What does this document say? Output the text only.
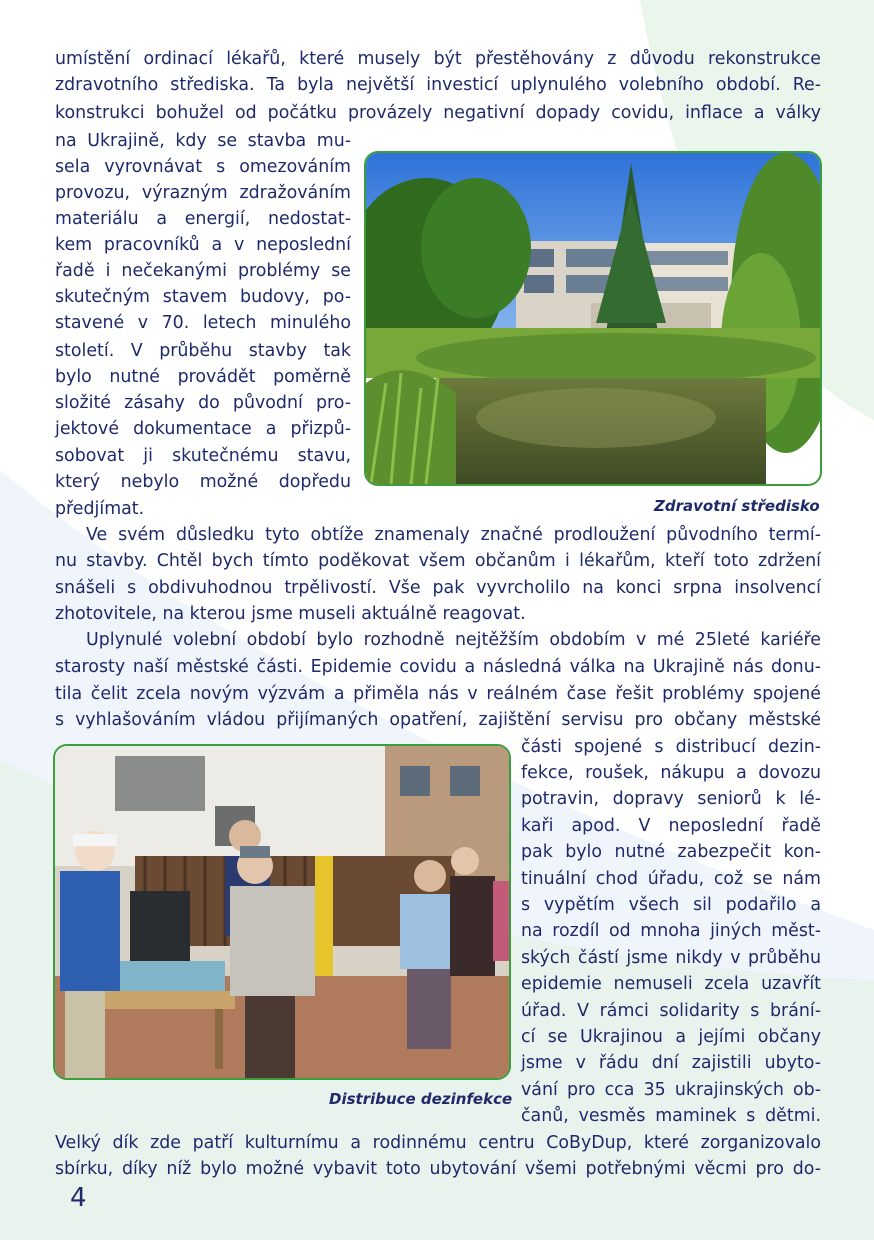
umístění ordinací lékařů, které musely být přestěhovány z důvodu rekonstrukce
zdravotního střediska. Ta byla největší investicí uplynulého volebního období. Re-
konstrukci bohužel od počátku provázely negativní dopady covidu, inflace a války
na Ukrajině, kdy se stavba mu-
sela vyrovnávat s omezováním
provozu, výrazným zdražováním
materiálu a energií, nedostat-
kem pracovníků a v neposlední
řadě i nečekanými problémy se
skutečným stavem budovy, po-
stavené v 70. letech minulého
století. V průběhu stavby tak
bylo nutné provádět poměrně
složité zásahy do původní pro-
jektové dokumentace a přizpů-
sobovat ji skutečnému stavu,
který nebylo možné dopředu
předjímat.
Ve svém důsledku tyto obtíže znamenaly značné prodloužení původního termí-
nu stavby. Chtěl bych tímto poděkovat všem občanům i lékařům, kteří toto zdržení
snášeli s obdivuhodnou trpělivostí. Vše pak vyvrcholilo na konci srpna insolvencí
zhotovitele, na kterou jsme museli aktuálně reagovat.
Uplynulé volební období bylo rozhodně nejtěžším obdobím v mé 25leté kariéře
starosty naší městské části. Epidemie covidu a následná válka na Ukrajině nás donu-
tila čelit zcela novým výzvám a přiměla nás v reálném čase řešit problémy spojené
s vyhlašováním vládou přijímaných opatření, zajištění servisu pro občany městské
části spojené s distribucí dezin-
fekce, roušek, nákupu a dovozu
potravin, dopravy seniorů k lé-
kaři apod. V neposlední řadě
pak bylo nutné zabezpečit kon-
tinuální chod úřadu, což se nám
s vypětím všech sil podařilo a
na rozdíl od mnoha jiných měst-
ských částí jsme nikdy v průběhu
epidemie nemuseli zcela uzavřít
úřad. V rámci solidarity s brání-
cí se Ukrajinou a jejími občany
jsme v řádu dní zajistili ubyto-
vání pro cca 35 ukrajinských ob-
čanů, vesměs maminek s dětmi.
Velký dík zde patří kulturnímu a rodinnému centru CoByDup, které zorganizovalo
sbírku, díky níž bylo možné vybavit toto ubytování všemi potřebnými věcmi pro do-
Zdravotní středisko
Distribuce dezinfekce
4
